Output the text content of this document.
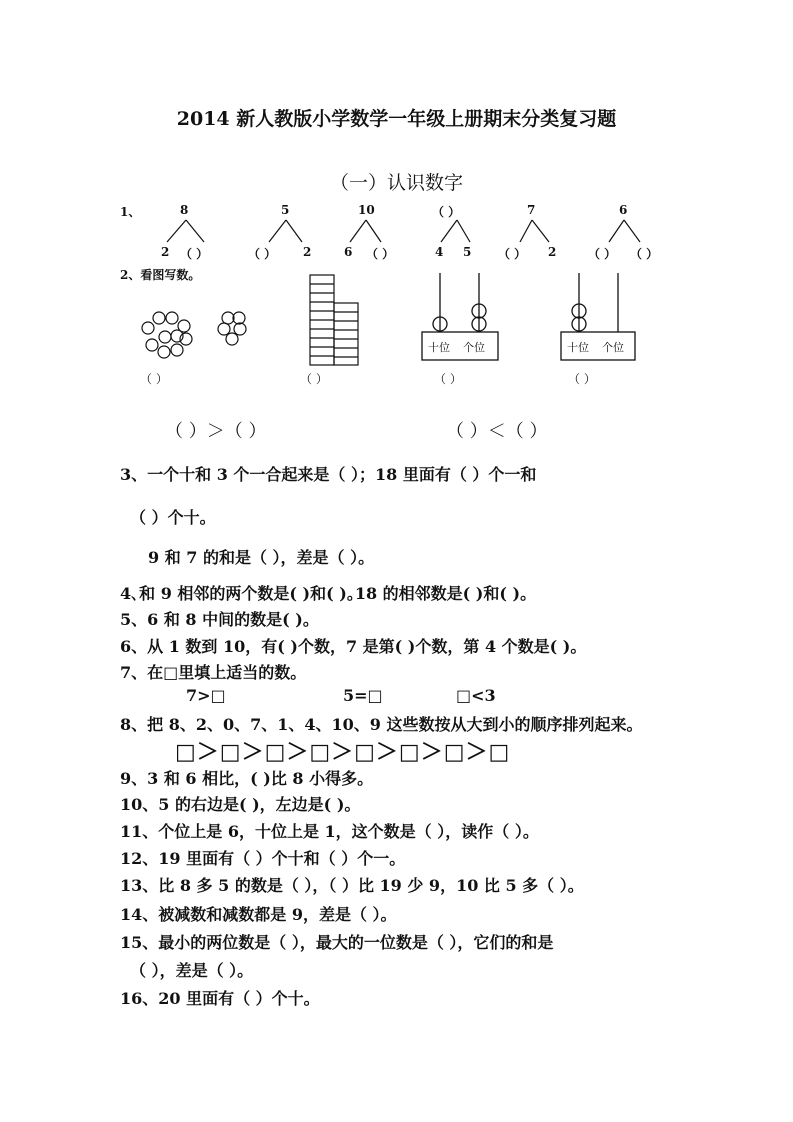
2014 新人教版小学数学一年级上册期末分类复习题
（一）认识数字
1、	8
2 （ ）
5
（ ） 2
10
6 （ ）
（ ）
4 5
7
（ ） 2
6
（ ） （ ）
2、看图写数。
十位 个位	十位 个位
（ ）	（ ）	（ ）	（ ）
（ ）＞（ ）	（ ）＜（ ）
3、一个十和 3 个一合起来是（ ）；18 里面有（ ）个一和
（ ）个十。
9 和 7 的和是（ ），差是（ ）。
4､和 9 相邻的两个数是( )和( )｡18 的相邻数是( )和( )｡
5、6 和 8 中间的数是( )。
6、从 1 数到 10，有( )个数，7 是第( )个数，第 4 个数是( )。
7、在□里填上适当的数。
7>□	5=□	□<3
8、把 8、2、0、7、1、4、10、9 这些数按从大到小的顺序排列起来。
□＞□＞□＞□＞□＞□＞□＞□
9、3 和 6 相比，( )比 8 小得多。
10、5 的右边是( )，左边是( )。
11、个位上是 6，十位上是 1，这个数是（ ），读作（ ）。
12、19 里面有（ ）个十和（ ）个一。
13、比 8 多 5 的数是（ ），（ ）比 19 少 9，10 比 5 多（ ）。
14、被减数和减数都是 9，差是（ ）。
15、最小的两位数是（ ），最大的一位数是（ ），它们的和是
（ ），差是（ ）。
16、20 里面有（ ）个十。
